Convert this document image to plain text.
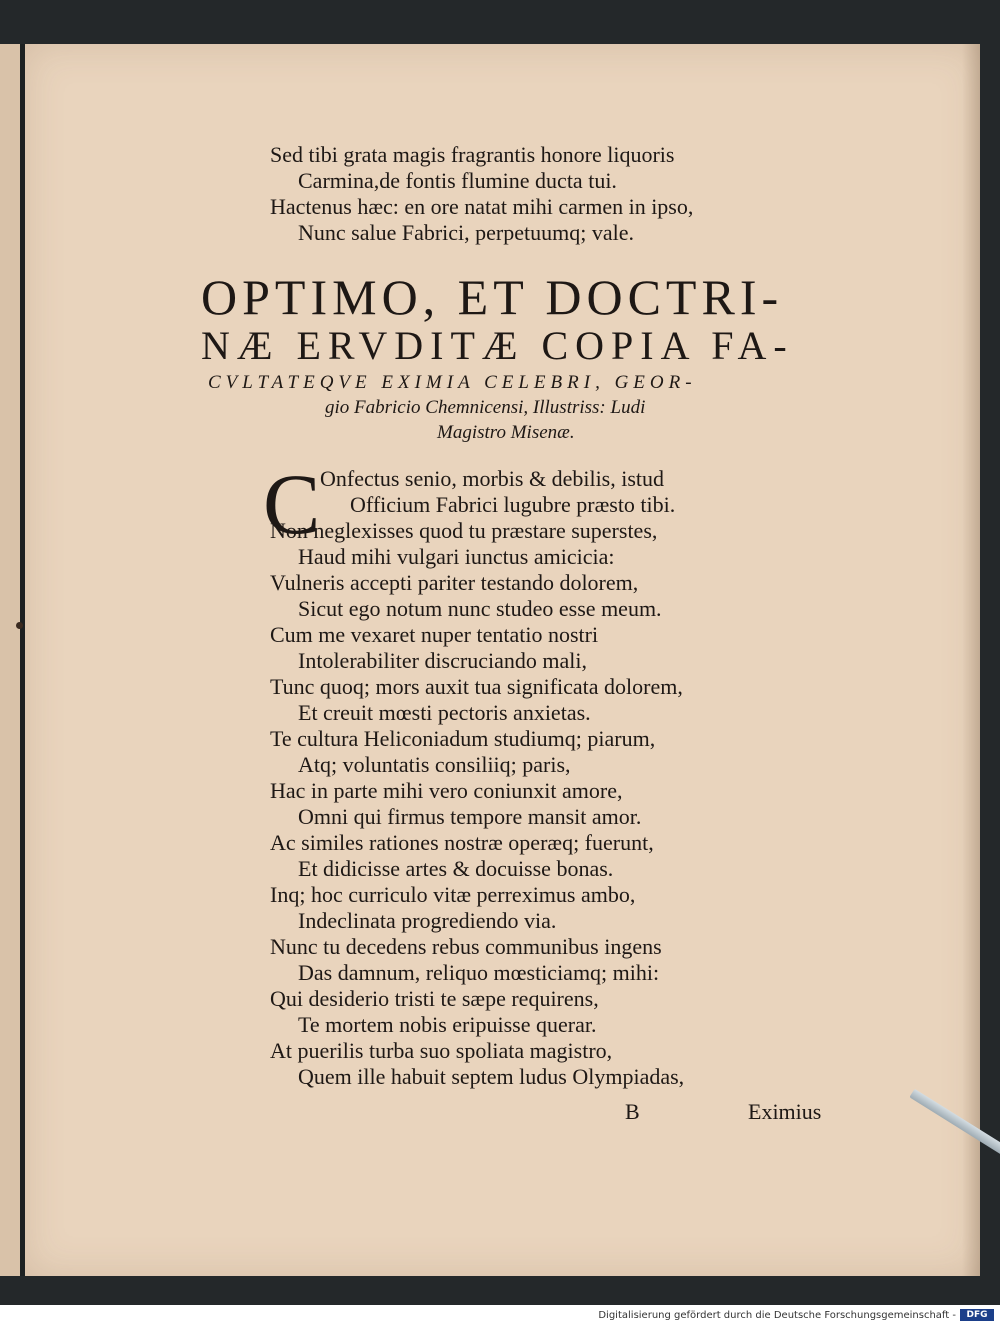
Sed tibi grata magis fragrantis honore liquoris
Carmina,de fontis flumine ducta tui.
Hactenus hæc: en ore natat mihi carmen in ipso,
Nunc salue Fabrici, perpetuumq; vale.
OPTIMO, ET DOCTRI-
NÆ ERVDITÆ COPIA FA-
CVLTATEQVE EXIMIA CELEBRI, GEOR-
gio Fabricio Chemnicensi, Illustriss: Ludi
Magistro Misenæ.
C Onfectus senio, morbis & debilis, istud
Officium Fabrici lugubre præsto tibi.
Non neglexisses quod tu præstare superstes,
Haud mihi vulgari iunctus amicicia:
Vulneris accepti pariter testando dolorem,
Sicut ego notum nunc studeo esse meum.
Cum me vexaret nuper tentatio nostri
Intolerabiliter discruciando mali,
Tunc quoq; mors auxit tua significata dolorem,
Et creuit mœsti pectoris anxietas.
Te cultura Heliconiadum studiumq; piarum,
Atq; voluntatis consiliiq; paris,
Hac in parte mihi vero coniunxit amore,
Omni qui firmus tempore mansit amor.
Ac similes rationes nostræ operæq; fuerunt,
Et didicisse artes & docuisse bonas.
Inq; hoc curriculo vitæ perreximus ambo,
Indeclinata progrediendo via.
Nunc tu decedens rebus communibus ingens
Das damnum, reliquo mœsticiamq; mihi:
Qui desiderio tristi te sæpe requirens,
Te mortem nobis eripuisse querar.
At puerilis turba suo spoliata magistro,
Quem ille habuit septem ludus Olympiadas,
B	Eximius
Digitalisierung gefördert durch die Deutsche Forschungsgemeinschaft -	DFG
